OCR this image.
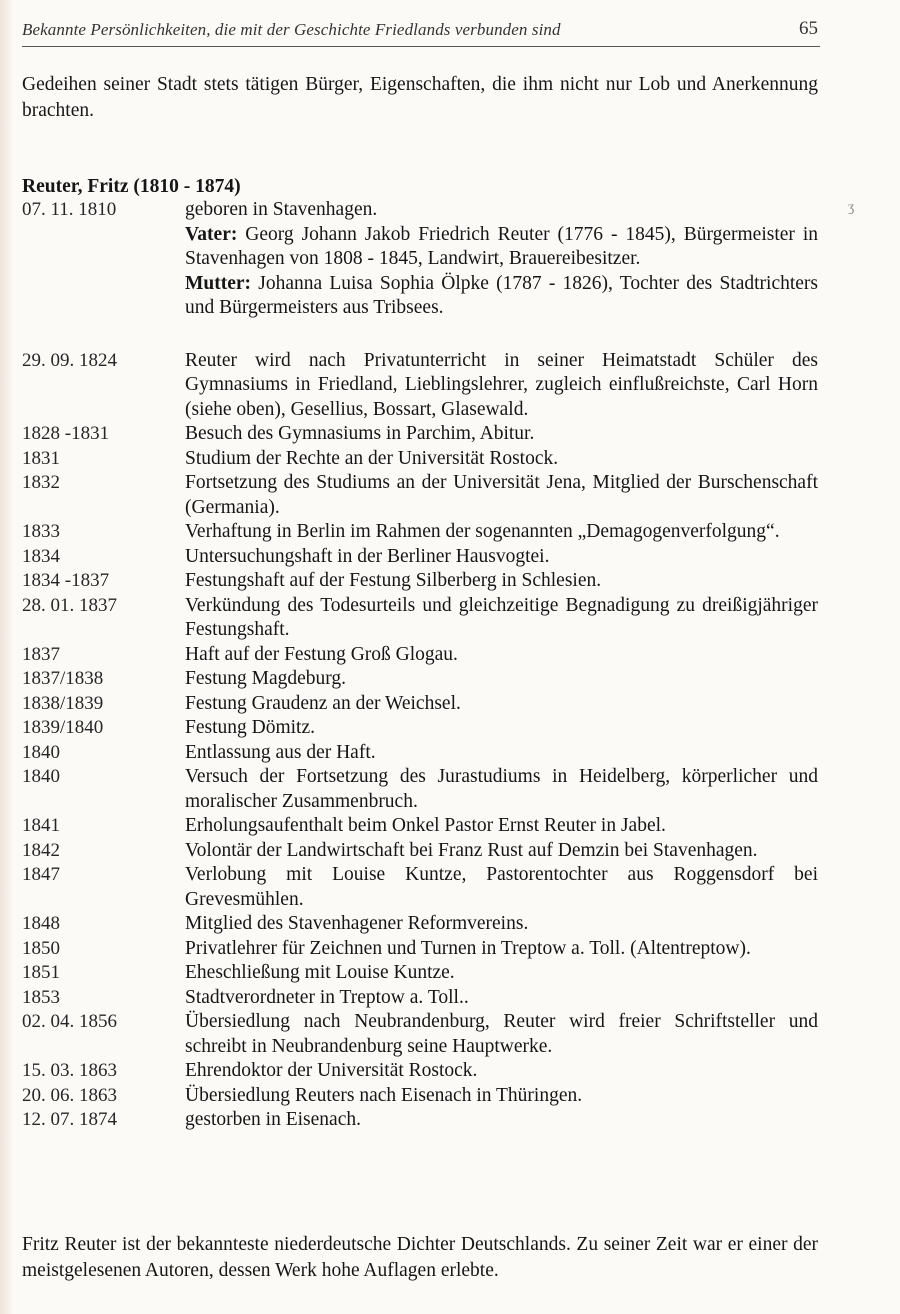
Bekannte Persönlichkeiten, die mit der Geschichte Friedlands verbunden sind	65
Gedeihen seiner Stadt stets tätigen Bürger, Eigenschaften, die ihm nicht nur Lob und Anerkennung brachten.
Reuter, Fritz (1810 - 1874)
ʒ
07. 11. 1810	geboren in Stavenhagen.

Vater: Georg Johann Jakob Friedrich Reuter (1776 - 1845), Bürgermeister in Stavenhagen von 1808 - 1845, Landwirt, Brauereibesitzer.

Mutter: Johanna Luisa Sophia Ölpke (1787 - 1826), Tochter des Stadtrichters und Bürgermeisters aus Tribsees.

29. 09. 1824	Reuter wird nach Privatunterricht in seiner Heimatstadt Schüler des Gymnasiums in Friedland, Lieblingslehrer, zugleich einflußreichste, Carl Horn (siehe oben), Gesellius, Bossart, Glasewald.
1828 -1831	Besuch des Gymnasiums in Parchim, Abitur.
1831	Studium der Rechte an der Universität Rostock.
1832	Fortsetzung des Studiums an der Universität Jena, Mitglied der Burschenschaft (Germania).
1833	Verhaftung in Berlin im Rahmen der sogenannten „Demagogenverfolgung“.
1834	Untersuchungshaft in der Berliner Hausvogtei.
1834 -1837	Festungshaft auf der Festung Silberberg in Schlesien.
28. 01. 1837	Verkündung des Todesurteils und gleichzeitige Begnadigung zu dreißigjähriger Festungshaft.
1837	Haft auf der Festung Groß Glogau.
1837/1838	Festung Magdeburg.
1838/1839	Festung Graudenz an der Weichsel.
1839/1840	Festung Dömitz.
1840	Entlassung aus der Haft.
1840	Versuch der Fortsetzung des Jurastudiums in Heidelberg, körperlicher und moralischer Zusammenbruch.
1841	Erholungsaufenthalt beim Onkel Pastor Ernst Reuter in Jabel.
1842	Volontär der Landwirtschaft bei Franz Rust auf Demzin bei Stavenhagen.
1847	Verlobung mit Louise Kuntze, Pastorentochter aus Roggensdorf bei Grevesmühlen.
1848	Mitglied des Stavenhagener Reformvereins.
1850	Privatlehrer für Zeichnen und Turnen in Treptow a. Toll. (Altentreptow).
1851	Eheschließung mit Louise Kuntze.
1853	Stadtverordneter in Treptow a. Toll..
02. 04. 1856	Übersiedlung nach Neubrandenburg, Reuter wird freier Schriftsteller und schreibt in Neubrandenburg seine Hauptwerke.
15. 03. 1863	Ehrendoktor der Universität Rostock.
20. 06. 1863	Übersiedlung Reuters nach Eisenach in Thüringen.
12. 07. 1874	gestorben in Eisenach.
Fritz Reuter ist der bekannteste niederdeutsche Dichter Deutschlands. Zu seiner Zeit war er einer der meistgelesenen Autoren, dessen Werk hohe Auflagen erlebte.
